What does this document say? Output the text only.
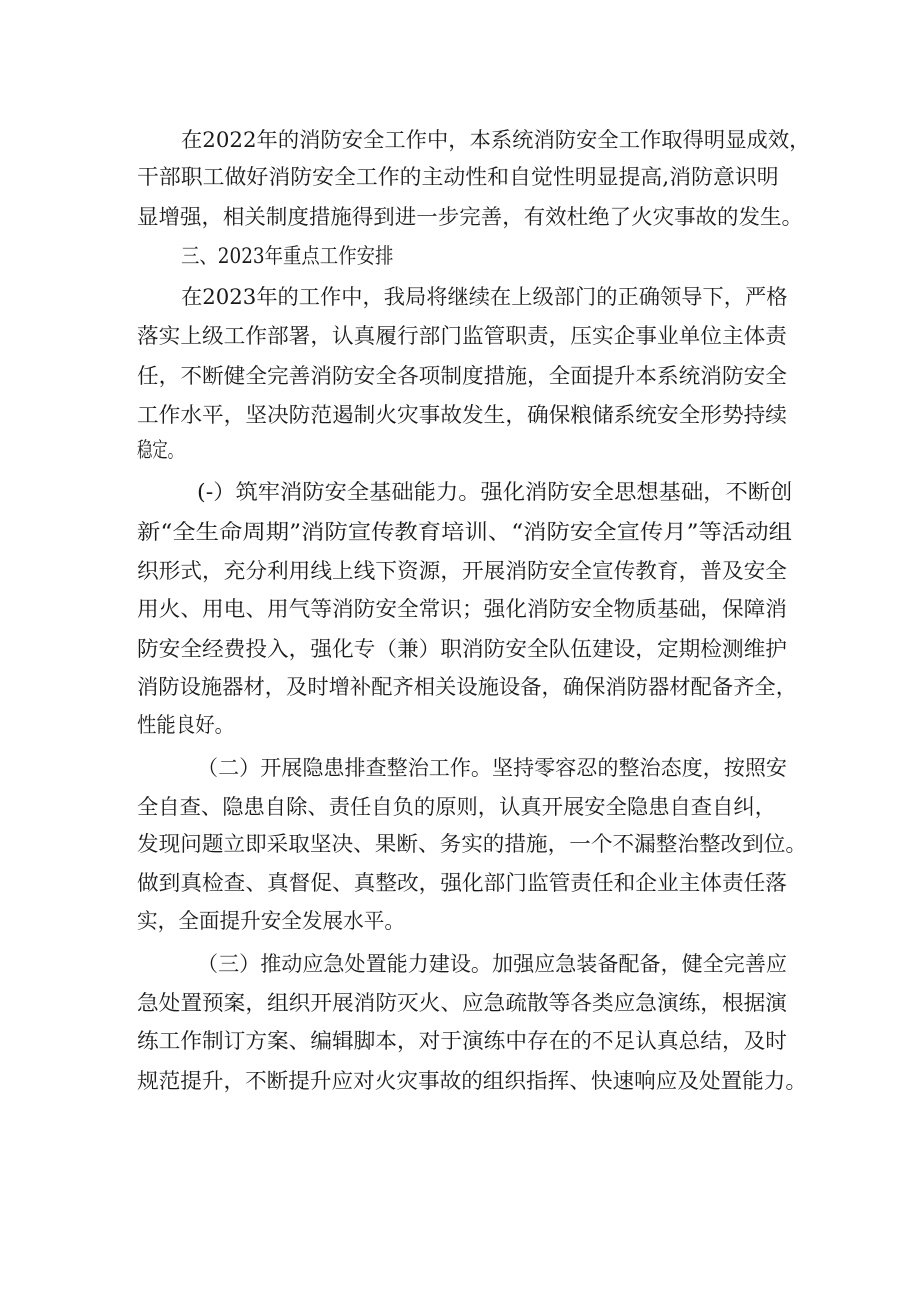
在2022年的消防安全工作中，本系统消防安全工作取得明显成效，

干部职工做好消防安全工作的主动性和自觉性明显提高,消防意识明

显增强，相关制度措施得到进一步完善，有效杜绝了火灾事故的发生。

三、2023年重点工作安排

在2023年的工作中，我局将继续在上级部门的正确领导下，严格

落实上级工作部署，认真履行部门监管职责，压实企事业单位主体责

任，不断健全完善消防安全各项制度措施，全面提升本系统消防安全

工作水平，坚决防范遏制火灾事故发生，确保粮储系统安全形势持续

稳定。

(-）筑牢消防安全基础能力。强化消防安全思想基础，不断创

新“全生命周期”消防宣传教育培训、“消防安全宣传月”等活动组

织形式，充分利用线上线下资源，开展消防安全宣传教育，普及安全

用火、用电、用气等消防安全常识；强化消防安全物质基础，保障消

防安全经费投入，强化专（兼）职消防安全队伍建设，定期检测维护

消防设施器材，及时增补配齐相关设施设备，确保消防器材配备齐全，

性能良好。

（二）开展隐患排查整治工作。坚持零容忍的整治态度，按照安

全自查、隐患自除、责任自负的原则，认真开展安全隐患自查自纠，

发现问题立即采取坚决、果断、务实的措施，一个不漏整治整改到位。

做到真检查、真督促、真整改，强化部门监管责任和企业主体责任落

实，全面提升安全发展水平。

（三）推动应急处置能力建设。加强应急装备配备，健全完善应

急处置预案，组织开展消防灭火、应急疏散等各类应急演练，根据演

练工作制订方案、编辑脚本，对于演练中存在的不足认真总结，及时

规范提升，不断提升应对火灾事故的组织指挥、快速响应及处置能力。
